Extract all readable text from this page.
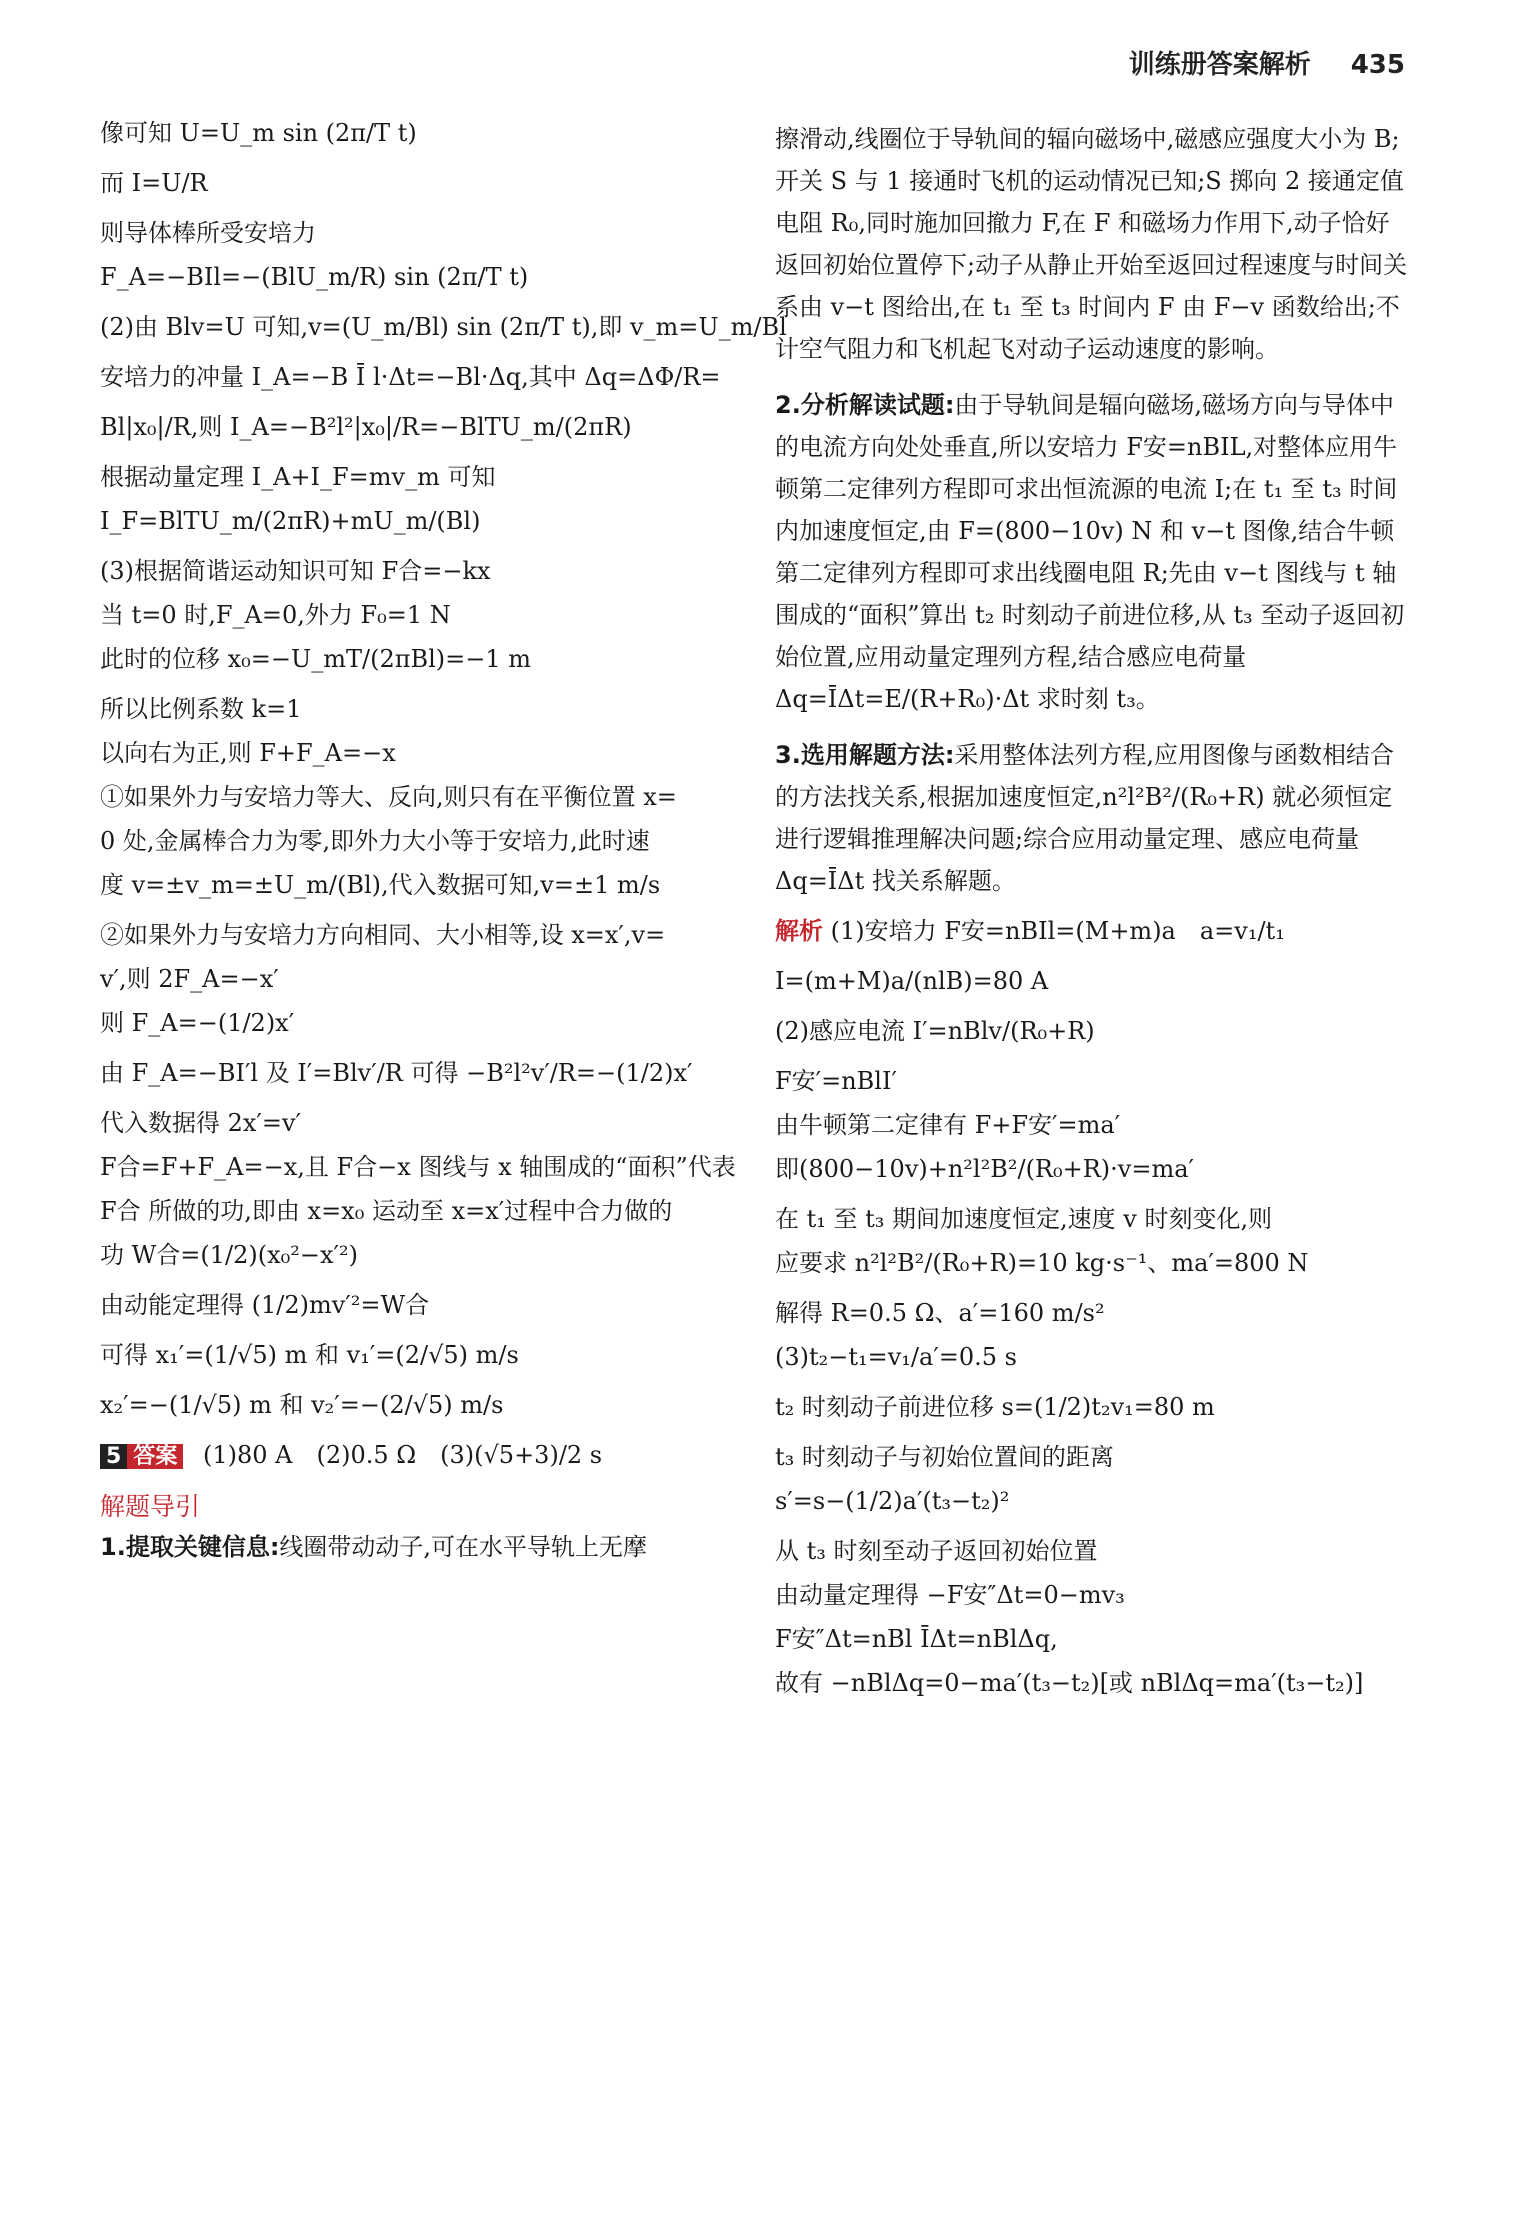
训练册答案解析 435
像可知 U=U_m sin (2π/T t)
而 I=U/R
则导体棒所受安培力
F_A=−BIl=−(BlU_m/R) sin (2π/T t)
(2)由 Blv=U 可知,v=(U_m/Bl) sin (2π/T t),即 v_m=U_m/Bl
安培力的冲量 I_A=−B Ī l·Δt=−Bl·Δq,其中 Δq=ΔΦ/R=
Bl|x₀|/R,则 I_A=−B²l²|x₀|/R=−BlTU_m/(2πR)
根据动量定理 I_A+I_F=mv_m 可知
I_F=BlTU_m/(2πR)+mU_m/(Bl)
(3)根据简谐运动知识可知 F合=−kx
当 t=0 时,F_A=0,外力 F₀=1 N
此时的位移 x₀=−U_mT/(2πBl)=−1 m
所以比例系数 k=1
以向右为正,则 F+F_A=−x
①如果外力与安培力等大、反向,则只有在平衡位置 x=
0 处,金属棒合力为零,即外力大小等于安培力,此时速
度 v=±v_m=±U_m/(Bl),代入数据可知,v=±1 m/s
②如果外力与安培力方向相同、大小相等,设 x=x′,v=
v′,则 2F_A=−x′
则 F_A=−(1/2)x′
由 F_A=−BI′l 及 I′=Blv′/R 可得 −B²l²v′/R=−(1/2)x′
代入数据得 2x′=v′
F合=F+F_A=−x,且 F合−x 图线与 x 轴围成的“面积”代表
F合 所做的功,即由 x=x₀ 运动至 x=x′过程中合力做的
功 W合=(1/2)(x₀²−x′²)
由动能定理得 (1/2)mv′²=W合
可得 x₁′=(1/√5) m 和 v₁′=(2/√5) m/s
x₂′=−(1/√5) m 和 v₂′=−(2/√5) m/s
5 答案 (1)80 A　(2)0.5 Ω　(3)(√5+3)/2 s
解题导引
1.提取关键信息:线圈带动动子,可在水平导轨上无摩
擦滑动,线圈位于导轨间的辐向磁场中,磁感应强度大小为 B;开关 S 与 1 接通时飞机的运动情况已知;S 掷向 2 接通定值电阻 R₀,同时施加回撤力 F,在 F 和磁场力作用下,动子恰好返回初始位置停下;动子从静止开始至返回过程速度与时间关系由 v−t 图给出,在 t₁ 至 t₃ 时间内 F 由 F−v 函数给出;不计空气阻力和飞机起飞对动子运动速度的影响。
2.分析解读试题:由于导轨间是辐向磁场,磁场方向与导体中的电流方向处处垂直,所以安培力 F安=nBIL,对整体应用牛顿第二定律列方程即可求出恒流源的电流 I;在 t₁ 至 t₃ 时间内加速度恒定,由 F=(800−10v) N 和 v−t 图像,结合牛顿第二定律列方程即可求出线圈电阻 R;先由 v−t 图线与 t 轴围成的“面积”算出 t₂ 时刻动子前进位移,从 t₃ 至动子返回初始位置,应用动量定理列方程,结合感应电荷量 Δq=ĪΔt=E/(R+R₀)·Δt 求时刻 t₃。
3.选用解题方法:采用整体法列方程,应用图像与函数相结合的方法找关系,根据加速度恒定,n²l²B²/(R₀+R) 就必须恒定进行逻辑推理解决问题;综合应用动量定理、感应电荷量 Δq=ĪΔt 找关系解题。
解析 (1)安培力 F安=nBIl=(M+m)a　a=v₁/t₁
I=(m+M)a/(nlB)=80 A
(2)感应电流 I′=nBlv/(R₀+R)
F安′=nBlI′
由牛顿第二定律有 F+F安′=ma′
即(800−10v)+n²l²B²/(R₀+R)·v=ma′
在 t₁ 至 t₃ 期间加速度恒定,速度 v 时刻变化,则
应要求 n²l²B²/(R₀+R)=10 kg·s⁻¹、ma′=800 N
解得 R=0.5 Ω、a′=160 m/s²
(3)t₂−t₁=v₁/a′=0.5 s
t₂ 时刻动子前进位移 s=(1/2)t₂v₁=80 m
t₃ 时刻动子与初始位置间的距离
s′=s−(1/2)a′(t₃−t₂)²
从 t₃ 时刻至动子返回初始位置
由动量定理得 −F安″Δt=0−mv₃
F安″Δt=nBl ĪΔt=nBlΔq,
故有 −nBlΔq=0−ma′(t₃−t₂)[或 nBlΔq=ma′(t₃−t₂)]
